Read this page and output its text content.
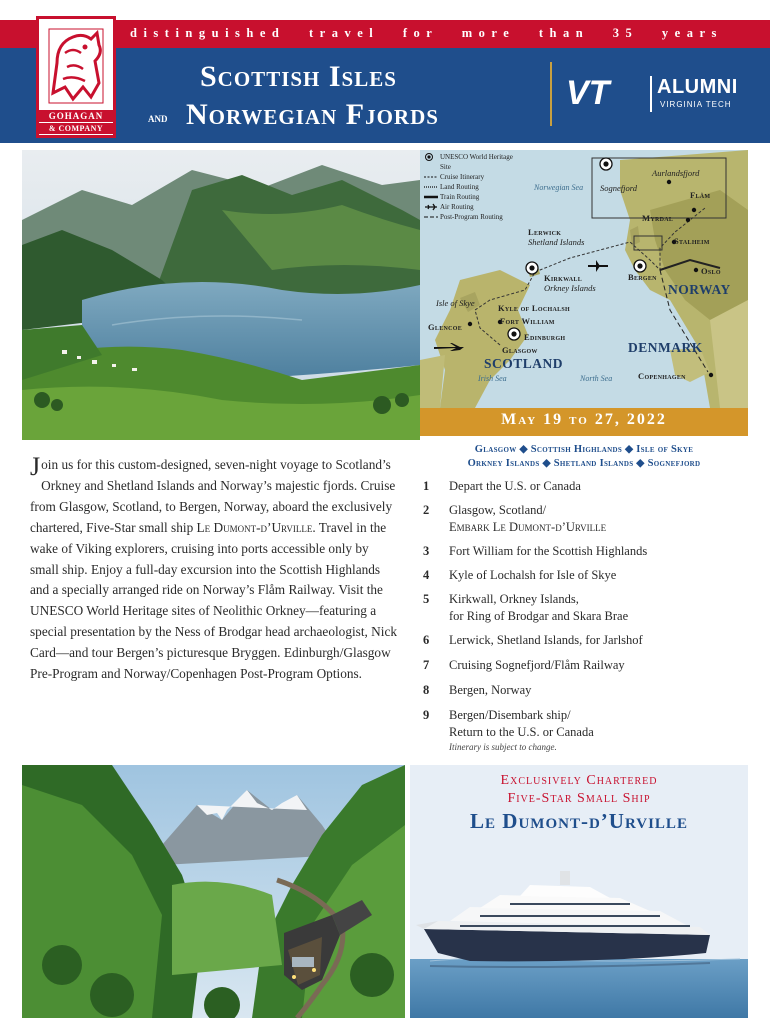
distinguished travel for more than 35 years
GOHAGAN
& COMPANY
Scottish Isles
and Norwegian Fjords
VT ALUMNI
VIRGINIA TECH
UNESCO World Heritage Site
Cruise Itinerary
Land Routing
Train Routing
Air Routing
Post-Program Routing
Norwegian Sea
Aurlandsfjord
Sognefjord
Flåm
Myrdal
Lerwick
Shetland Islands	Stalheim
Kirkwall
Orkney Islands
Bergen
Oslo
NORWAY
Isle of Skye	Kyle of Lochalsh
Fort William
Glencoe
Edinburgh
Glasgow
SCOTLAND
DENMARK
Irish Sea	North Sea	Copenhagen
May 19 to 27, 2022
Glasgow ◆ Scottish Highlands ◆ Isle of Skye
Orkney Islands ◆ Shetland Islands ◆ Sognefjord
Join us for this custom-designed, seven-night voyage to Scotland’s Orkney and Shetland Islands and Norway’s majestic fjords. Cruise from Glasgow, Scotland, to Bergen, Norway, aboard the exclusively chartered, Five-Star small ship Le Dumont-d’Urville. Travel in the wake of Viking explorers, cruising into ports accessible only by small ship. Enjoy a full-day excursion into the Scottish Highlands and a specially arranged ride on Norway’s Flåm Railway. Visit the UNESCO World Heritage sites of Neolithic Orkney—featuring a special presentation by the Ness of Brodgar head archaeologist, Nick Card—and tour Bergen’s picturesque Bryggen. Edinburgh/Glasgow Pre-Program and Norway/Copenhagen Post-Program Options.
1	Depart the U.S. or Canada
2	Glasgow, Scotland/
Embark Le Dumont-d’Urville
3	Fort William for the Scottish Highlands
4	Kyle of Lochalsh for Isle of Skye
5	Kirkwall, Orkney Islands,
for Ring of Brodgar and Skara Brae
6	Lerwick, Shetland Islands, for Jarlshof
7	Cruising Sognefjord/Flåm Railway
8	Bergen, Norway
9	Bergen/Disembark ship/
Return to the U.S. or Canada
Itinerary is subject to change.
Exclusively Chartered
Five-Star Small Ship
Le Dumont-d’Urville
